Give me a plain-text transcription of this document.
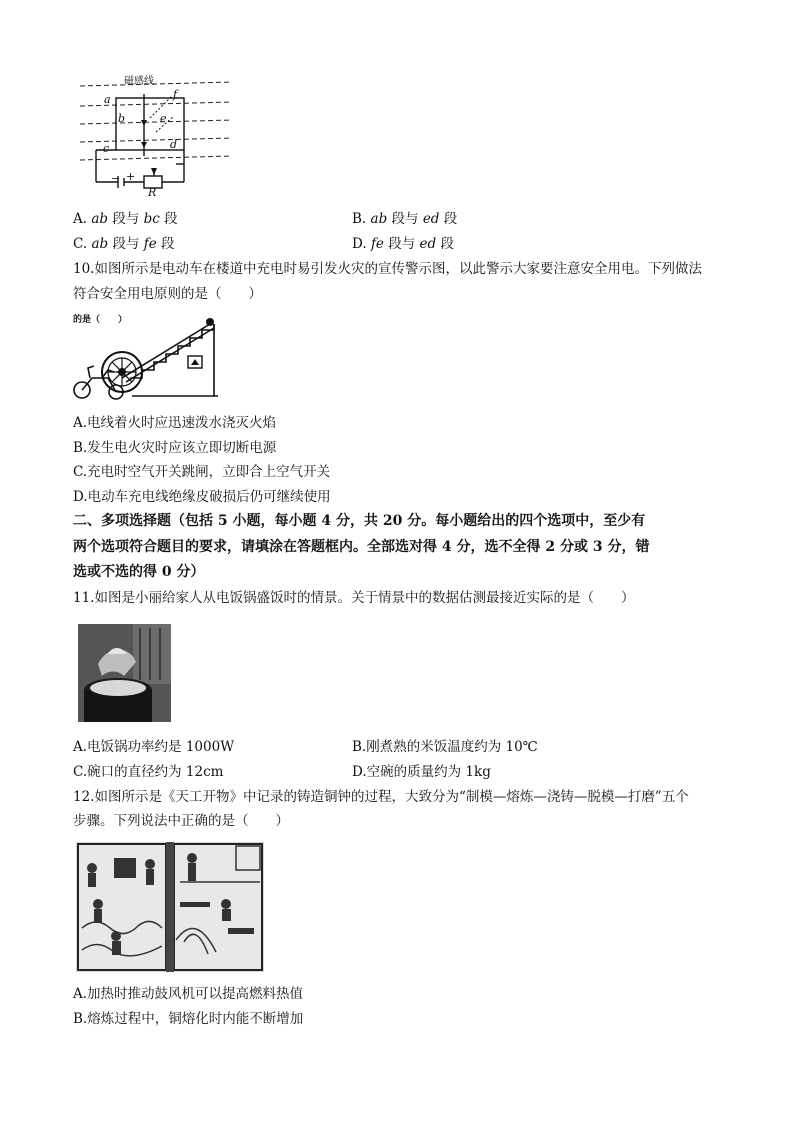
磁感线
a
b
c	d
e
f
− +
R
A. ab 段与 bc 段	B. ab 段与 ed 段
C. ab 段与 fe 段	D. fe 段与 ed 段
10.如图所示是电动车在楼道中充电时易引发火灾的宣传警示图，以此警示大家要注意安全用电。下列做法
符合安全用电原则的是（　　）
的是（　　）
A.电线着火时应迅速泼水浇灭火焰
B.发生电火灾时应该立即切断电源
C.充电时空气开关跳闸，立即合上空气开关
D.电动车充电线绝缘皮破损后仍可继续使用
二、多项选择题（包括 5 小题，每小题 4 分，共 20 分。每小题给出的四个选项中，至少有
两个选项符合题目的要求，请填涂在答题框内。全部选对得 4 分，选不全得 2 分或 3 分，错
选或不选的得 0 分）
11.如图是小丽给家人从电饭锅盛饭时的情景。关于情景中的数据估测最接近实际的是（　　）
A.电饭锅功率约是 1000W	B.刚煮熟的米饭温度约为 10℃
C.碗口的直径约为 12cm	D.空碗的质量约为 1kg
12.如图所示是《天工开物》中记录的铸造铜钟的过程，大致分为“制模—熔炼—浇铸—脱模—打磨”五个
步骤。下列说法中正确的是（　　）
A.加热时推动鼓风机可以提高燃料热值
B.熔炼过程中，铜熔化时内能不断增加
